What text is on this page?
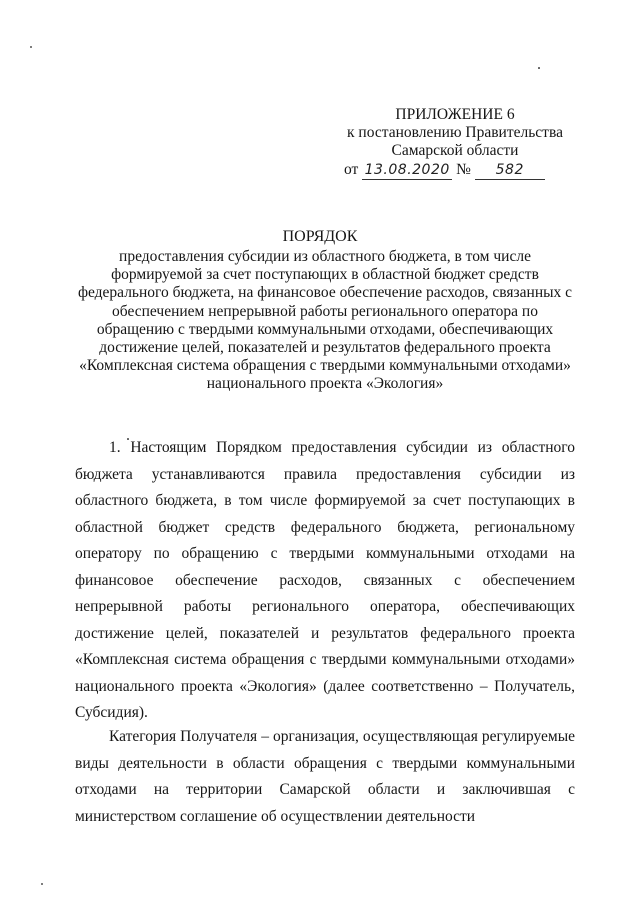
ПРИЛОЖЕНИЕ 6
к постановлению Правительства
Самарской области
от 13.08.2020 № 582
ПОРЯДОК
предоставления субсидии из областного бюджета, в том числе формируемой за счет поступающих в областной бюджет средств федерального бюджета, на финансовое обеспечение расходов, связанных с обеспечением непрерывной работы регионального оператора по обращению с твердыми коммунальными отходами, обеспечивающих достижение целей, показателей и результатов федерального проекта «Комплексная система обращения с твердыми коммунальными отходами» национального проекта «Экология»

1. Настоящим Порядком предоставления субсидии из областного бюджета устанавливаются правила предоставления субсидии из областного бюджета, в том числе формируемой за счет поступающих в областной бюджет средств федерального бюджета, региональному оператору по обращению с твердыми коммунальными отходами на финансовое обеспечение расходов, связанных с обеспечением непрерывной работы регионального оператора, обеспечивающих достижение целей, показателей и результатов федерального проекта «Комплексная система обращения с твердыми коммунальными отходами» национального проекта «Экология» (далее соответственно – Получатель, Субсидия).

Категория Получателя – организация, осуществляющая регулируемые виды деятельности в области обращения с твердыми коммунальными отходами на территории Самарской области и заключившая с министерством соглашение об осуществлении деятельности
